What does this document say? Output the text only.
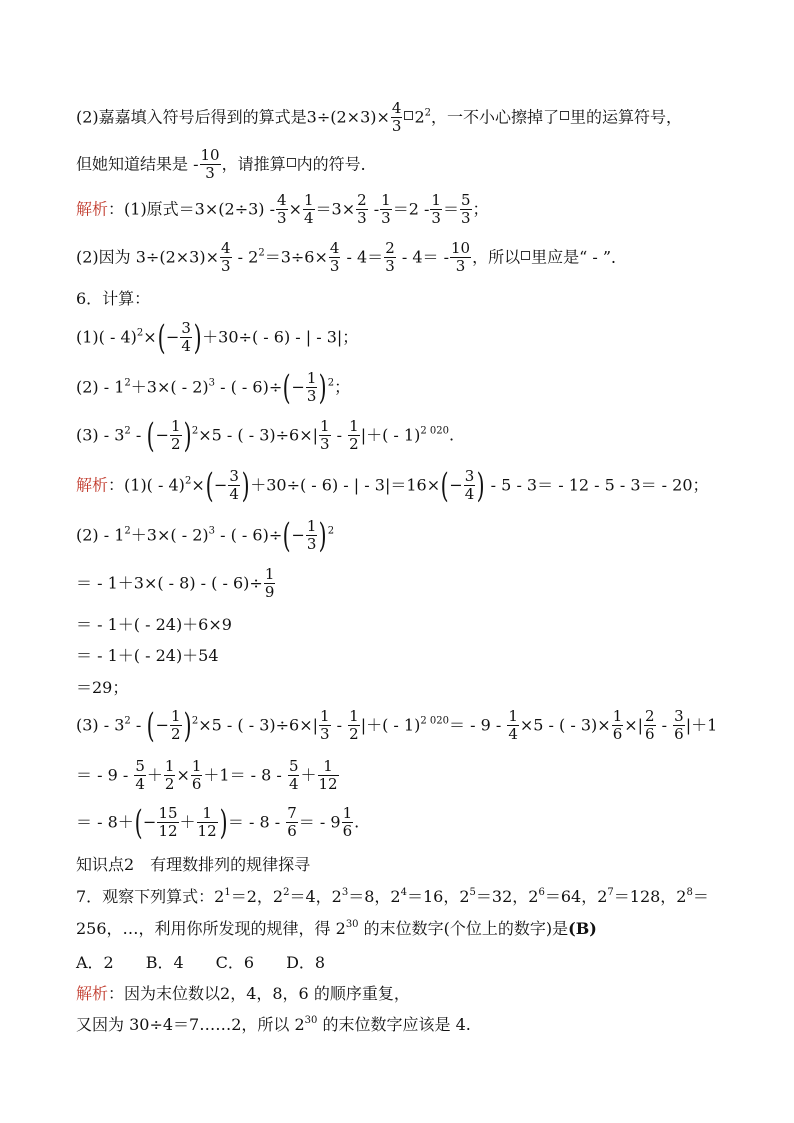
(2)嘉嘉填入符号后得到的算式是$3\div(2\times 3)\times \frac{4}{3} 2^2$，一不小心擦掉了 里的运算符号，
但她知道结果是 - $\frac{10}{3}$ ，请推算 内的符号．
解析：(1)原式$=3\times(2\div 3) - \frac{4}{3} \times \frac{1}{4} =3\times \frac{2}{3} - \frac{1}{3} =2 - \frac{1}{3} = \frac{5}{3}$ ；
(2)因为 $3\div(2\times 3)\times \frac{4}{3} - 2^2=3\div 6\times \frac{4}{3} - 4= \frac{2}{3} - 4= - \frac{10}{3}$ ，所以 里应是“ - ”．
6．计算：
$(1)( - 4)^2\times(- \frac{3}{4} )+30\div( - 6)$ - | - 3|；
$(2) - 1^2+3\times( - 2)^3$ - ( - $6)\div(- \frac{1}{3} )^2$；
$(3) - 3^2$ - (− $\frac{1}{2} )^2\times 5$ - ( - $3)\div 6\times| \frac{1}{3} - \frac{1}{2}$ |＋( - 1)$^{2 020}$.
解析：$(1)( - 4)^2\times(- \frac{3}{4} )+30\div( - 6)$ - | - $3|=16\times(- \frac{3}{4}$ ) - 5 - 3＝ - 12 - 5 - 3＝ - 20；
$(2) - 1^2+3\times( - 2)^3$ - ( - $6)\div(- \frac{1}{3} )^2$
＝ - 1＋3×( - 8) - ( - $6)\div \frac{1}{9}$
＝ - 1＋( - 24)＋6×9
＝ - 1＋( - 24)＋54
＝29；
$(3) - 3^2$ - (− $\frac{1}{2} )^2\times 5$ - ( - $3)\div 6\times| \frac{1}{3} - \frac{1}{2}$ |＋( - $1)^{2 020}= - 9 - \frac{1}{4} \times 5$ - ( - $3)\times \frac{1}{6}$ ×| $\frac{2}{6} - \frac{3}{6} |+1$
＝ - $9 - \frac{5}{4} + \frac{1}{2} \times \frac{1}{6} +1= - 8 - \frac{5}{4} + \frac{1}{12}$
＝ - $8+(- \frac{15}{12} + \frac{1}{12}$ )＝ - $8 - \frac{7}{6}$ ＝ - $9 \frac{1}{6}$ .
知识点2　有理数排列的规律探寻
7．观察下列算式：$2^1=2$，$2^2=4$，$2^3=8$，$2^4=16$，$2^5=32$，$2^6=64$，$2^7=128$，$2^8=$
256，…，利用你所发现的规律，得 $2^{30}$ 的末位数字(个位上的数字)是(B)
A．2　　B．4　　C．6　　D．8
解析：因为末位数以2，4，8，6 的顺序重复，
又因为 30÷4＝7……2，所以 $2^{30}$ 的末位数字应该是 4.
